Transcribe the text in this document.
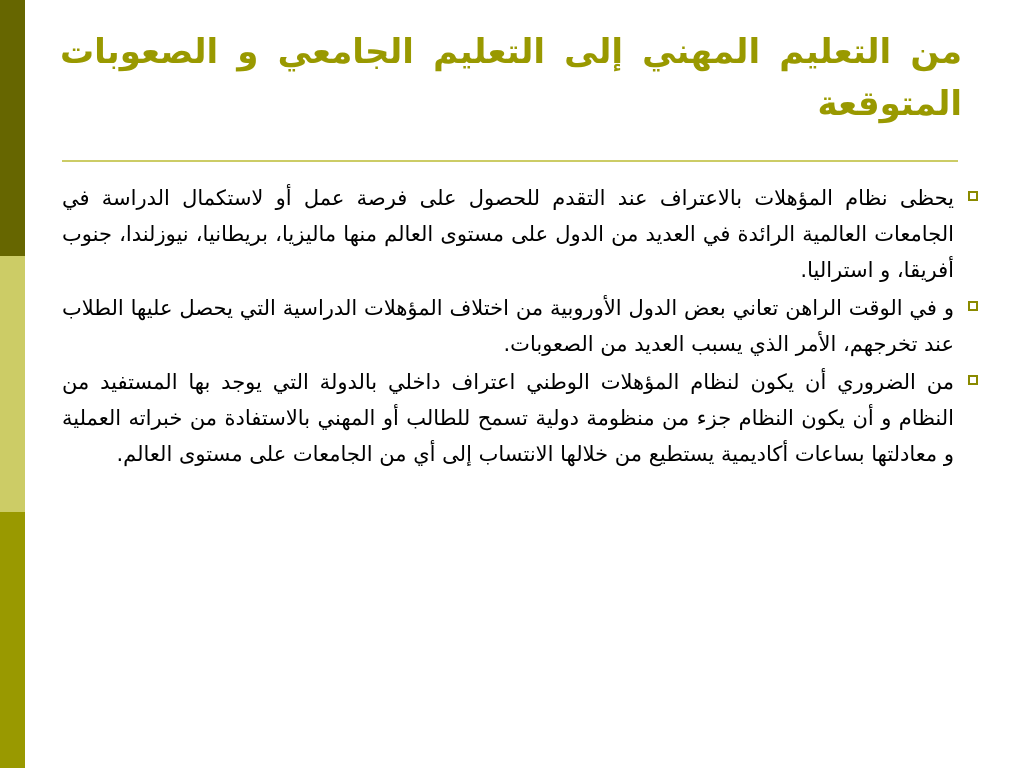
من التعليم المهني إلى التعليم الجامعي و الصعوبات المتوقعة
يحظى نظام المؤهلات بالاعتراف عند التقدم للحصول على فرصة عمل أو لاستكمال الدراسة في الجامعات العالمية الرائدة في العديد من الدول على مستوى العالم منها ماليزيا، بريطانيا، نيوزلندا، جنوب أفريقا، و استراليا.
و في الوقت الراهن تعاني بعض الدول الأوروبية من اختلاف المؤهلات الدراسية التي يحصل عليها الطلاب عند تخرجهم، الأمر الذي يسبب العديد من الصعوبات.
من الضروري أن يكون لنظام المؤهلات الوطني اعتراف داخلي بالدولة التي يوجد بها المستفيد من النظام و أن يكون النظام جزء من منظومة دولية تسمح للطالب أو المهني بالاستفادة من خبراته العملية و معادلتها بساعات أكاديمية يستطيع من خلالها الانتساب إلى أي من الجامعات على مستوى العالم.
